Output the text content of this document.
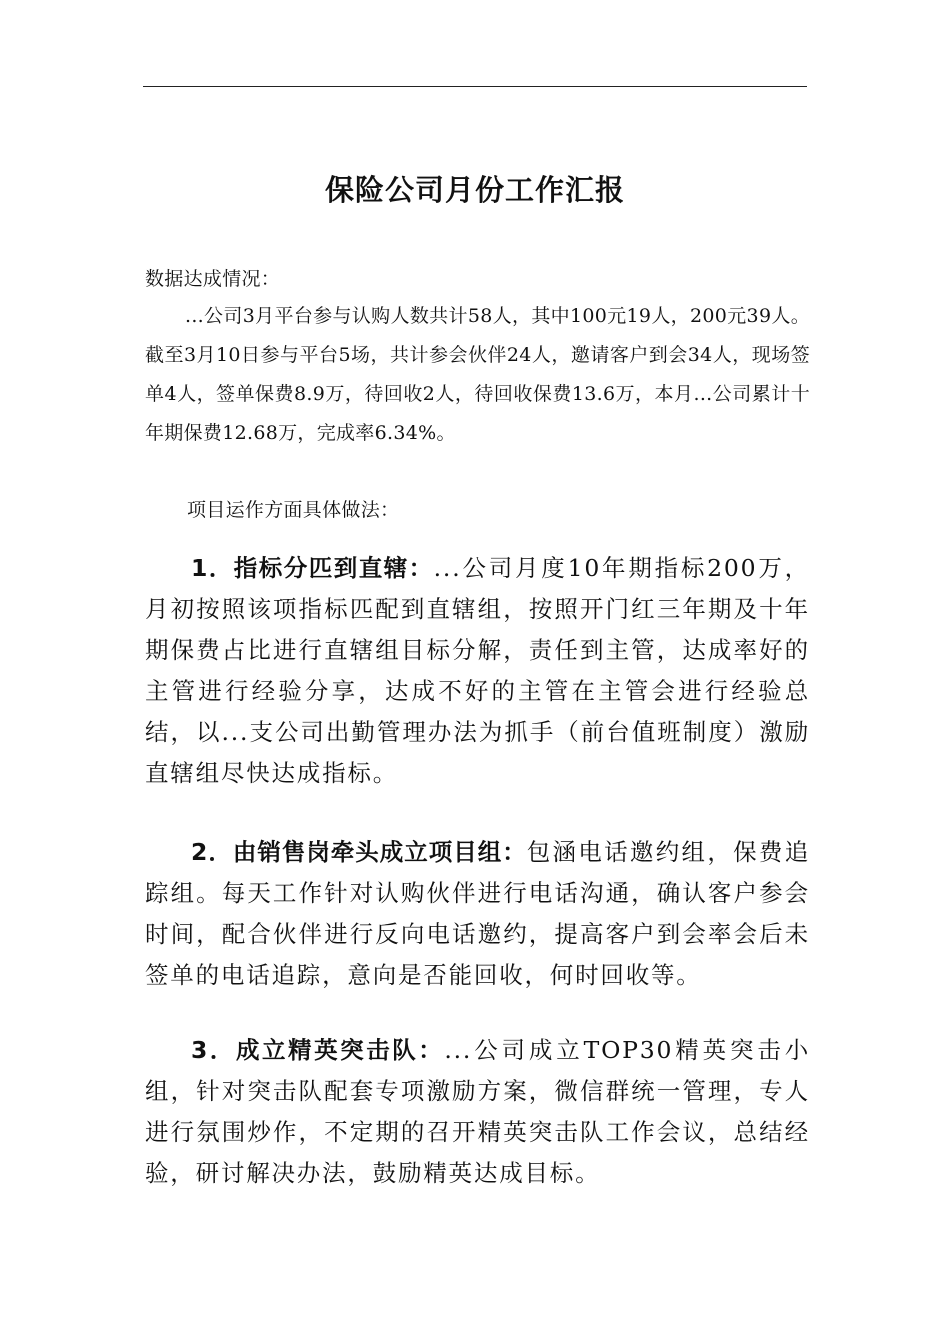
保险公司月份工作汇报
数据达成情况：
...公司3月平台参与认购人数共计58人，其中100元19人，200元39人。截至3月10日参与平台5场，共计参会伙伴24人，邀请客户到会34人，现场签单4人，签单保费8.9万，待回收2人，待回收保费13.6万，本月...公司累计十年期保费12.68万，完成率6.34%。
项目运作方面具体做法：
1．指标分匹到直辖：...公司月度10年期指标200万，月初按照该项指标匹配到直辖组，按照开门红三年期及十年期保费占比进行直辖组目标分解，责任到主管，达成率好的主管进行经验分享，达成不好的主管在主管会进行经验总结，以...支公司出勤管理办法为抓手（前台值班制度）激励直辖组尽快达成指标。
2．由销售岗牵头成立项目组：包涵电话邀约组，保费追踪组。每天工作针对认购伙伴进行电话沟通，确认客户参会时间，配合伙伴进行反向电话邀约，提高客户到会率会后未签单的电话追踪，意向是否能回收，何时回收等。
3．成立精英突击队：...公司成立TOP30精英突击小组，针对突击队配套专项激励方案，微信群统一管理，专人进行氛围炒作，不定期的召开精英突击队工作会议，总结经验，研讨解决办法，鼓励精英达成目标。
